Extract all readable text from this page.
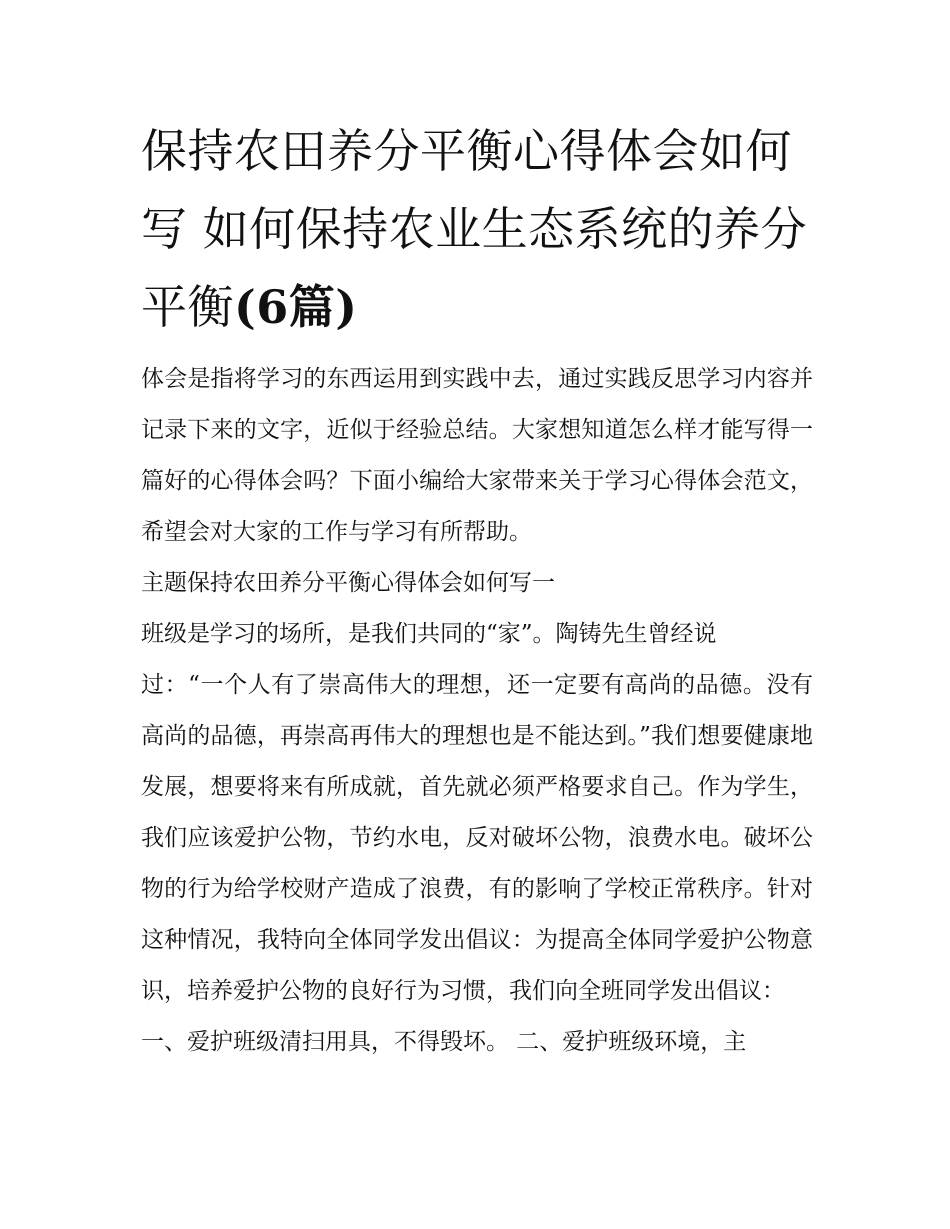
保持农田养分平衡心得体会如何写 如何保持农业生态系统的养分平衡(6篇)

体会是指将学习的东西运用到实践中去，通过实践反思学习内容并记录下来的文字，近似于经验总结。大家想知道怎么样才能写得一篇好的心得体会吗？下面小编给大家带来关于学习心得体会范文，希望会对大家的工作与学习有所帮助。

主题保持农田养分平衡心得体会如何写一

班级是学习的场所，是我们共同的“家”。陶铸先生曾经说

过：“一个人有了崇高伟大的理想，还一定要有高尚的品德。没有高尚的品德，再崇高再伟大的理想也是不能达到。”我们想要健康地发展，想要将来有所成就，首先就必须严格要求自己。作为学生，我们应该爱护公物，节约水电，反对破坏公物，浪费水电。破坏公物的行为给学校财产造成了浪费，有的影响了学校正常秩序。针对这种情况，我特向全体同学发出倡议：为提高全体同学爱护公物意识，培养爱护公物的良好行为习惯，我们向全班同学发出倡议：

一、爱护班级清扫用具，不得毁坏。 二、爱护班级环境，主
